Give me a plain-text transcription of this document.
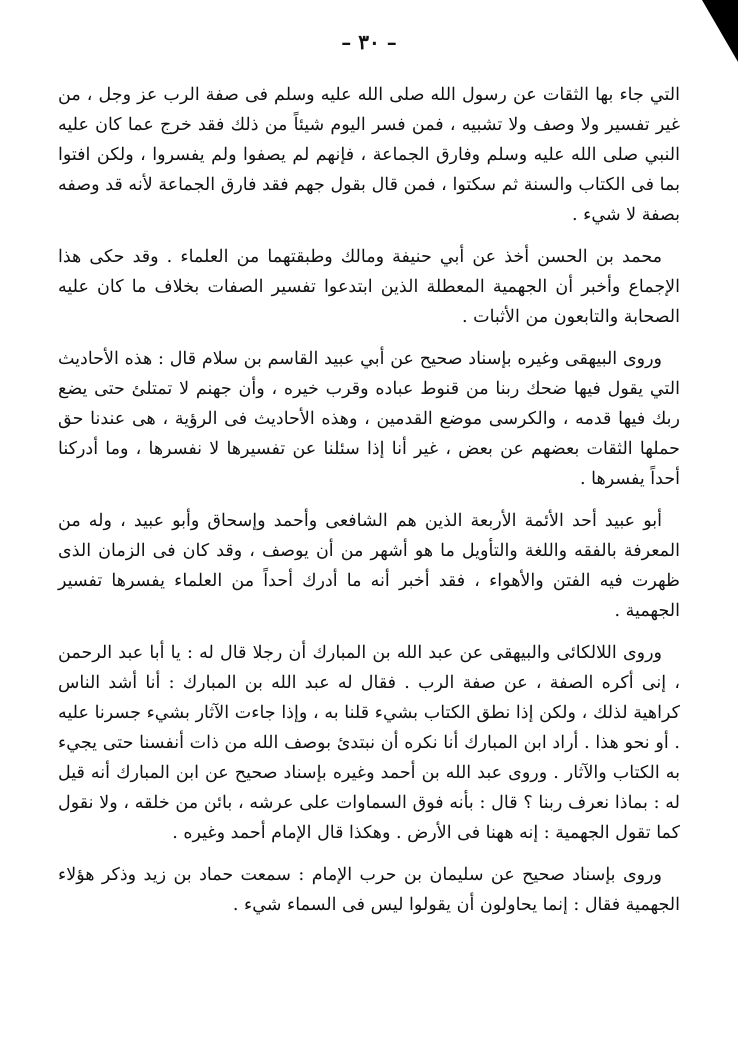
– ٣٠ –

التي جاء بها الثقات عن رسول الله صلى الله عليه وسلم فى صفة الرب عز وجل ، من غير تفسير ولا وصف ولا تشبيه ، فمن فسر اليوم شيئاً من ذلك فقد خرج عما كان عليه النبي صلى الله عليه وسلم وفارق الجماعة ، فإنهم لم يصفوا ولم يفسروا ، ولكن افتوا بما فى الكتاب والسنة ثم سكتوا ، فمن قال بقول جهم فقد فارق الجماعة لأنه قد وصفه بصفة لا شيء .

محمد بن الحسن أخذ عن أبي حنيفة ومالك وطبقتهما من العلماء . وقد حكى هذا الإجماع وأخبر أن الجهمية المعطلة الذين ابتدعوا تفسير الصفات بخلاف ما كان عليه الصحابة والتابعون من الأثبات .

وروى البيهقى وغيره بإسناد صحيح عن أبي عبيد القاسم بن سلام قال : هذه الأحاديث التي يقول فيها ضحك ربنا من قنوط عباده وقرب خيره ، وأن جهنم لا تمتلئ حتى يضع ربك فيها قدمه ، والكرسى موضع القدمين ، وهذه الأحاديث فى الرؤية ، هى عندنا حق حملها الثقات بعضهم عن بعض ، غير أنا إذا سئلنا عن تفسيرها لا نفسرها ، وما أدركنا أحداً يفسرها .

أبو عبيد أحد الأئمة الأربعة الذين هم الشافعى وأحمد وإسحاق وأبو عبيد ، وله من المعرفة بالفقه واللغة والتأويل ما هو أشهر من أن يوصف ، وقد كان فى الزمان الذى ظهرت فيه الفتن والأهواء ، فقد أخبر أنه ما أدرك أحداً من العلماء يفسرها تفسير الجهمية .

وروى اللالكائى والبيهقى عن عبد الله بن المبارك أن رجلا قال له : يا أبا عبد الرحمن ، إنى أكره الصفة ، عن صفة الرب . فقال له عبد الله بن المبارك : أنا أشد الناس كراهية لذلك ، ولكن إذا نطق الكتاب بشيء قلنا به ، وإذا جاءت الآثار بشيء جسرنا عليه . أو نحو هذا . أراد ابن المبارك أنا نكره أن نبتدئ بوصف الله من ذات أنفسنا حتى يجيء به الكتاب والآثار . وروى عبد الله بن أحمد وغيره بإسناد صحيح عن ابن المبارك أنه قيل له : بماذا نعرف ربنا ؟ قال : بأنه فوق السماوات على عرشه ، بائن من خلقه ، ولا نقول كما تقول الجهمية : إنه ههنا فى الأرض . وهكذا قال الإمام أحمد وغيره .

وروى بإسناد صحيح عن سليمان بن حرب الإمام : سمعت حماد بن زيد وذكر هؤلاء الجهمية فقال : إنما يحاولون أن يقولوا ليس فى السماء شيء .
